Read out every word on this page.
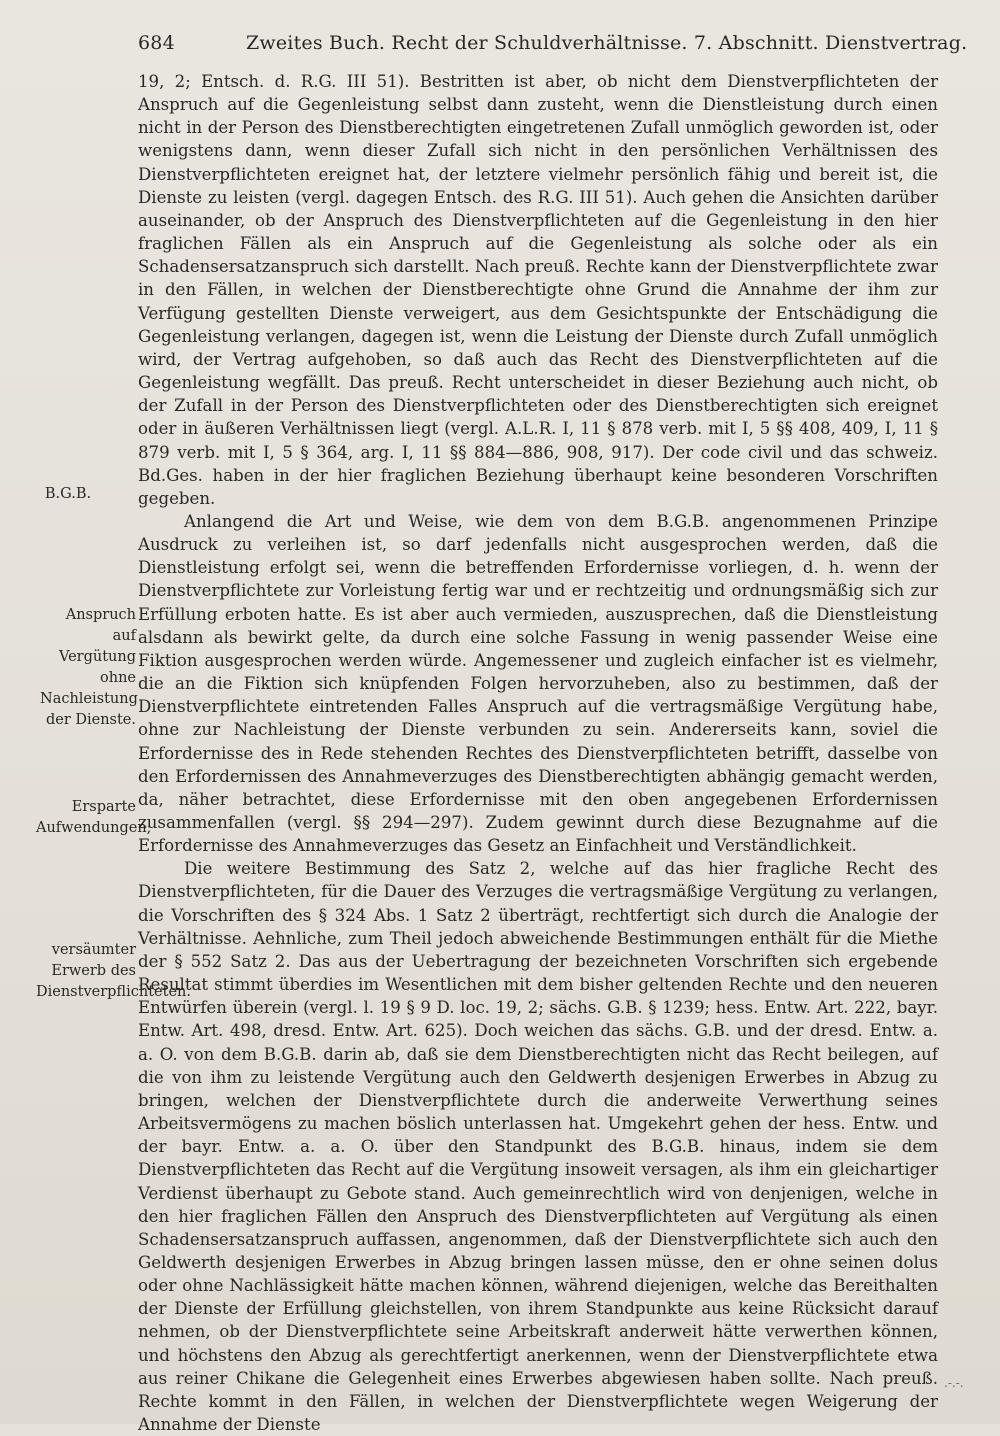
684	Zweites Buch. Recht der Schuldverhältnisse. 7. Abschnitt. Dienstvertrag.
B.G.B.
Anspruch auf Vergütung ohne Nachleistung der Dienste.
Ersparte Aufwendungen;
versäumter Erwerb des Dienstverpflichteten.

19, 2; Entsch. d. R.G. III 51). Bestritten ist aber, ob nicht dem Dienstverpflichteten der Anspruch auf die Gegenleistung selbst dann zusteht, wenn die Dienstleistung durch einen nicht in der Person des Dienstberechtigten eingetretenen Zufall unmöglich geworden ist, oder wenigstens dann, wenn dieser Zufall sich nicht in den persönlichen Verhältnissen des Dienstverpflichteten ereignet hat, der letztere vielmehr persönlich fähig und bereit ist, die Dienste zu leisten (vergl. dagegen Entsch. des R.G. III 51). Auch gehen die Ansichten darüber auseinander, ob der Anspruch des Dienstverpflichteten auf die Gegenleistung in den hier fraglichen Fällen als ein Anspruch auf die Gegenleistung als solche oder als ein Schadensersatzanspruch sich darstellt. Nach preuß. Rechte kann der Dienstverpflichtete zwar in den Fällen, in welchen der Dienstberechtigte ohne Grund die Annahme der ihm zur Verfügung gestellten Dienste verweigert, aus dem Gesichtspunkte der Entschädigung die Gegenleistung verlangen, dagegen ist, wenn die Leistung der Dienste durch Zufall unmöglich wird, der Vertrag aufgehoben, so daß auch das Recht des Dienstverpflichteten auf die Gegenleistung wegfällt. Das preuß. Recht unterscheidet in dieser Beziehung auch nicht, ob der Zufall in der Person des Dienstverpflichteten oder des Dienstberechtigten sich ereignet oder in äußeren Verhältnissen liegt (vergl. A.L.R. I, 11 § 878 verb. mit I, 5 §§ 408, 409, I, 11 § 879 verb. mit I, 5 § 364, arg. I, 11 §§ 884—886, 908, 917). Der code civil und das schweiz. Bd.Ges. haben in der hier fraglichen Beziehung überhaupt keine besonderen Vorschriften gegeben.

Anlangend die Art und Weise, wie dem von dem B.G.B. angenommenen Prinzipe Ausdruck zu verleihen ist, so darf jedenfalls nicht ausgesprochen werden, daß die Dienstleistung erfolgt sei, wenn die betreffenden Erfordernisse vorliegen, d. h. wenn der Dienstverpflichtete zur Vorleistung fertig war und er rechtzeitig und ordnungsmäßig sich zur Erfüllung erboten hatte. Es ist aber auch vermieden, auszusprechen, daß die Dienstleistung alsdann als bewirkt gelte, da durch eine solche Fassung in wenig passender Weise eine Fiktion ausgesprochen werden würde. Angemessener und zugleich einfacher ist es vielmehr, die an die Fiktion sich knüpfenden Folgen hervorzuheben, also zu bestimmen, daß der Dienstverpflichtete eintretenden Falles Anspruch auf die vertragsmäßige Vergütung habe, ohne zur Nachleistung der Dienste verbunden zu sein. Andererseits kann, soviel die Erfordernisse des in Rede stehenden Rechtes des Dienstverpflichteten betrifft, dasselbe von den Erfordernissen des Annahmeverzuges des Dienstberechtigten abhängig gemacht werden, da, näher betrachtet, diese Erfordernisse mit den oben angegebenen Erfordernissen zusammenfallen (vergl. §§ 294—297). Zudem gewinnt durch diese Bezugnahme auf die Erfordernisse des Annahmeverzuges das Gesetz an Einfachheit und Verständlichkeit.

Die weitere Bestimmung des Satz 2, welche auf das hier fragliche Recht des Dienstverpflichteten, für die Dauer des Verzuges die vertragsmäßige Vergütung zu verlangen, die Vorschriften des § 324 Abs. 1 Satz 2 überträgt, rechtfertigt sich durch die Analogie der Verhältnisse. Aehnliche, zum Theil jedoch abweichende Bestimmungen enthält für die Miethe der § 552 Satz 2. Das aus der Uebertragung der bezeichneten Vorschriften sich ergebende Resultat stimmt überdies im Wesentlichen mit dem bisher geltenden Rechte und den neueren Entwürfen überein (vergl. l. 19 § 9 D. loc. 19, 2; sächs. G.B. § 1239; hess. Entw. Art. 222, bayr. Entw. Art. 498, dresd. Entw. Art. 625). Doch weichen das sächs. G.B. und der dresd. Entw. a. a. O. von dem B.G.B. darin ab, daß sie dem Dienstberechtigten nicht das Recht beilegen, auf die von ihm zu leistende Vergütung auch den Geldwerth desjenigen Erwerbes in Abzug zu bringen, welchen der Dienstverpflichtete durch die anderweite Verwerthung seines Arbeitsvermögens zu machen böslich unterlassen hat. Umgekehrt gehen der hess. Entw. und der bayr. Entw. a. a. O. über den Standpunkt des B.G.B. hinaus, indem sie dem Dienstverpflichteten das Recht auf die Vergütung insoweit versagen, als ihm ein gleichartiger Verdienst überhaupt zu Gebote stand. Auch gemeinrechtlich wird von denjenigen, welche in den hier fraglichen Fällen den Anspruch des Dienstverpflichteten auf Vergütung als einen Schadensersatzanspruch auffassen, angenommen, daß der Dienstverpflichtete sich auch den Geldwerth desjenigen Erwerbes in Abzug bringen lassen müsse, den er ohne seinen dolus oder ohne Nachlässigkeit hätte machen können, während diejenigen, welche das Bereithalten der Dienste der Erfüllung gleichstellen, von ihrem Standpunkte aus keine Rücksicht darauf nehmen, ob der Dienstverpflichtete seine Arbeitskraft anderweit hätte verwerthen können, und höchstens den Abzug als gerechtfertigt anerkennen, wenn der Dienstverpflichtete etwa aus reiner Chikane die Gelegenheit eines Erwerbes abgewiesen haben sollte. Nach preuß. Rechte kommt in den Fällen, in welchen der Dienstverpflichtete wegen Weigerung der Annahme der Dienste

.-.-.
